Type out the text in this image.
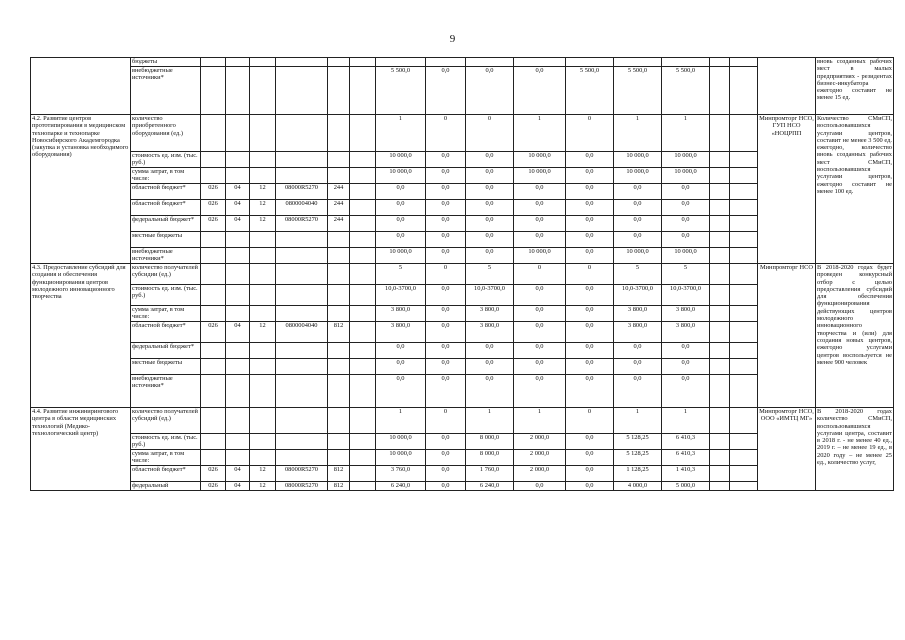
9
	бюджеты																	вновь созданных рабочих мест в малых предприятиях - резидентах бизнес-инкубатора ежегодно составит не менее 15 ед.
	внебюджетные источники*							5 500,0	0,0	0,0	0,0	5 500,0	5 500,0	5 500,0				
4.2. Развитие центров прототипирования в медицинском технопарке и технопарке Новосибирского Академгородка (закупка и установка необходимого оборудования)	количество приобретенного оборудования (ед.)							1	0	0	1	0	1	1			Минпромторг НСО, ГУП НСО «НОЦРПП	Количество СМиСП, воспользовавшихся услугами центров, составит не менее 3 500 ед. ежегодно, количество вновь созданных рабочих мест СМиСП, воспользовавшихся услугами центров, ежегодно составит не менее 100 ед.
	стоимость ед. изм. (тыс. руб.)							10 000,0	0,0	0,0	10 000,0	0,0	10 000,0	10 000,0				
	сумма затрат, в том числе:							10 000,0	0,0	0,0	10 000,0	0,0	10 000,0	10 000,0				
	областной бюджет*	026	04	12	08000R5270	244		0,0	0,0	0,0	0,0	0,0	0,0	0,0				
	областной бюджет*	026	04	12	0800004040	244		0,0	0,0	0,0	0,0	0,0	0,0	0,0				
	федеральный бюджет*	026	04	12	08000R5270	244		0,0	0,0	0,0	0,0	0,0	0,0	0,0				
	местные бюджеты							0,0	0,0	0,0	0,0	0,0	0,0	0,0				
	внебюджетные источники*							10 000,0	0,0	0,0	10 000,0	0,0	10 000,0	10 000,0				
4.3. Предоставление субсидий для создания и обеспечения функционирования центров молодежного инновационного творчества	количество получателей субсидии (ед.)							5	0	5	0	0	5	5			Минпромторг НСО	В 2018-2020 годах будет проведен конкурсный отбор с целью предоставления субсидий для обеспечения функционирования действующих центров молодежного инновационного творчества и (или) для создания новых центров, ежегодно услугами центров воспользуется не менее 900 человек
	стоимость ед. изм. (тыс. руб.)							10,0-3700,0	0,0	10,0-3700,0	0,0	0,0	10,0-3700,0	10,0-3700,0				
	сумма затрат, в том числе:							3 800,0	0,0	3 800,0	0,0	0,0	3 800,0	3 800,0				
	областной бюджет*	026	04	12	0800004040	812		3 800,0	0,0	3 800,0	0,0	0,0	3 800,0	3 800,0				
	федеральный бюджет*							0,0	0,0	0,0	0,0	0,0	0,0	0,0				
	местные бюджеты							0,0	0,0	0,0	0,0	0,0	0,0	0,0				
	внебюджетные источники*							0,0	0,0	0,0	0,0	0,0	0,0	0,0				
4.4. Развитие инжинирингового центра в области медицинских технологий (Медико-технологический центр)	количество получателей субсидий (ед.)							1	0	1	1	0	1	1			Минпромторг НСО, ООО «ИМТЦ МГ»	В 2018-2020 годах количество СМиСП, воспользовавшихся услугами центра, составит в 2018 г. - не менее 40 ед., 2019 г. – не менее 19 ед., в 2020 году – не менее 25 ед., количество услуг,
	стоимость ед. изм. (тыс. руб.)							10 000,0	0,0	8 000,0	2 000,0	0,0	5 128,25	6 410,3				
	сумма затрат, в том числе:							10 000,0	0,0	8 000,0	2 000,0	0,0	5 128,25	6 410,3				
	областной бюджет*	026	04	12	08000R5270	812		3 760,0	0,0	1 760,0	2 000,0	0,0	1 128,25	1 410,3				
	федеральный	026	04	12	08000R5270	812		6 240,0	0,0	6 240,0	0,0	0,0	4 000,0	5 000,0				
